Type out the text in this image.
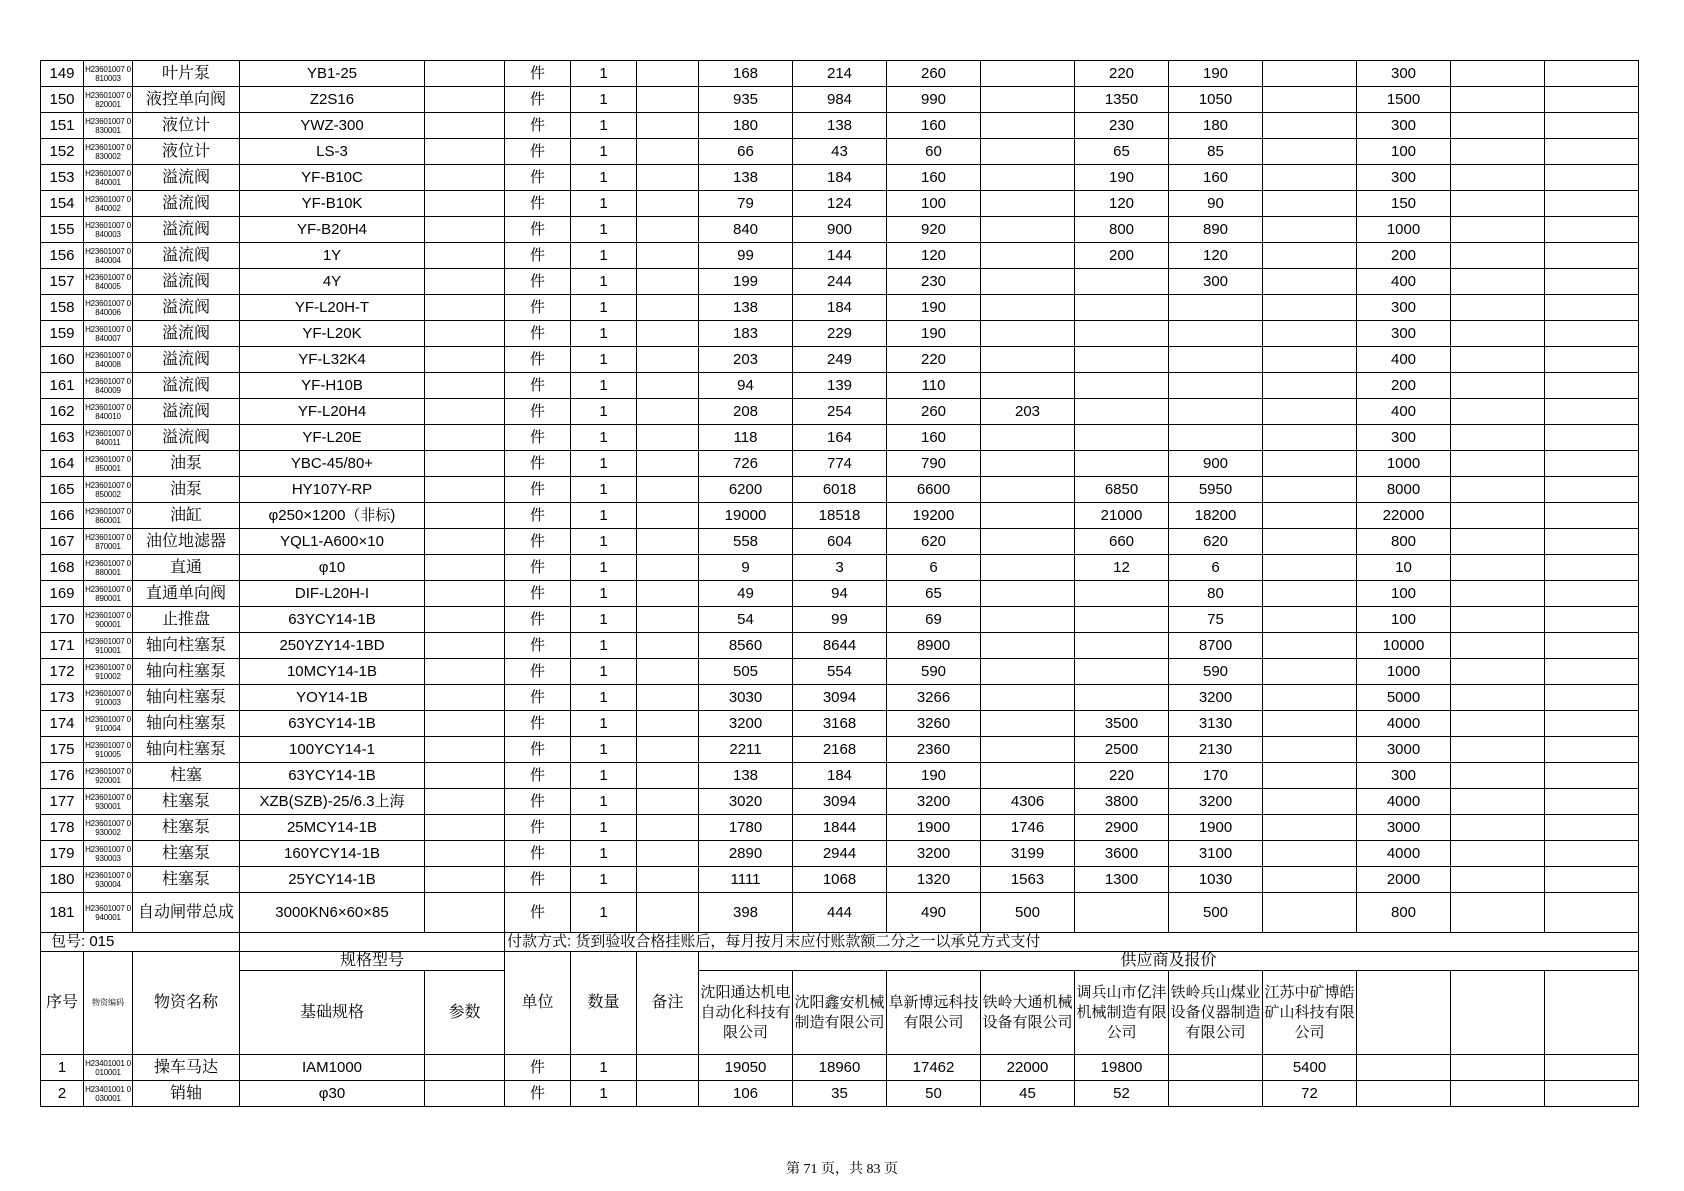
149	H23601007 0810003	叶片泵	YB1-25		件	1		168	214	260		220	190		300		
150	H23601007 0820001	液控单向阀	Z2S16		件	1		935	984	990		1350	1050		1500		
151	H23601007 0830001	液位计	YWZ-300		件	1		180	138	160		230	180		300		
152	H23601007 0830002	液位计	LS-3		件	1		66	43	60		65	85		100		
153	H23601007 0840001	溢流阀	YF-B10C		件	1		138	184	160		190	160		300		
154	H23601007 0840002	溢流阀	YF-B10K		件	1		79	124	100		120	90		150		
155	H23601007 0840003	溢流阀	YF-B20H4		件	1		840	900	920		800	890		1000		
156	H23601007 0840004	溢流阀	1Y		件	1		99	144	120		200	120		200		
157	H23601007 0840005	溢流阀	4Y		件	1		199	244	230			300		400		
158	H23601007 0840006	溢流阀	YF-L20H-T		件	1		138	184	190					300		
159	H23601007 0840007	溢流阀	YF-L20K		件	1		183	229	190					300		
160	H23601007 0840008	溢流阀	YF-L32K4		件	1		203	249	220					400		
161	H23601007 0840009	溢流阀	YF-H10B		件	1		94	139	110					200		
162	H23601007 0840010	溢流阀	YF-L20H4		件	1		208	254	260	203				400		
163	H23601007 0840011	溢流阀	YF-L20E		件	1		118	164	160					300		
164	H23601007 0850001	油泵	YBC-45/80+		件	1		726	774	790			900		1000		
165	H23601007 0850002	油泵	HY107Y-RP		件	1		6200	6018	6600		6850	5950		8000		
166	H23601007 0860001	油缸	φ250×1200（非标)		件	1		19000	18518	19200		21000	18200		22000		
167	H23601007 0870001	油位地滤器	YQL1-A600×10		件	1		558	604	620		660	620		800		
168	H23601007 0880001	直通	φ10		件	1		9	3	6		12	6		10		
169	H23601007 0890001	直通单向阀	DIF-L20H-I		件	1		49	94	65			80		100		
170	H23601007 0900001	止推盘	63YCY14-1B		件	1		54	99	69			75		100		
171	H23601007 0910001	轴向柱塞泵	250YZY14-1BD		件	1		8560	8644	8900			8700		10000		
172	H23601007 0910002	轴向柱塞泵	10MCY14-1B		件	1		505	554	590			590		1000		
173	H23601007 0910003	轴向柱塞泵	YOY14-1B		件	1		3030	3094	3266			3200		5000		
174	H23601007 0910004	轴向柱塞泵	63YCY14-1B		件	1		3200	3168	3260		3500	3130		4000		
175	H23601007 0910005	轴向柱塞泵	100YCY14-1		件	1		2211	2168	2360		2500	2130		3000		
176	H23601007 0920001	柱塞	63YCY14-1B		件	1		138	184	190		220	170		300		
177	H23601007 0930001	柱塞泵	XZB(SZB)-25/6.3上海		件	1		3020	3094	3200	4306	3800	3200		4000		
178	H23601007 0930002	柱塞泵	25MCY14-1B		件	1		1780	1844	1900	1746	2900	1900		3000		
179	H23601007 0930003	柱塞泵	160YCY14-1B		件	1		2890	2944	3200	3199	3600	3100		4000		
180	H23601007 0930004	柱塞泵	25YCY14-1B		件	1		1111	1068	1320	1563	1300	1030		2000		
181	H23601007 0940001	自动闸带总成	3000KN6×60×85		件	1		398	444	490	500		500		800		
包号: 015					付款方式: 货到验收合格挂账后，每月按月末应付账款额二分之一以承兑方式支付												
序号	物资编码	物资名称	规格型号		单位	数量	备注	供应商及报价									
			基础规格	参数				沈阳通达机电自动化科技有限公司	沈阳鑫安机械制造有限公司	阜新博远科技有限公司	铁岭大通机械设备有限公司	调兵山市亿沣机械制造有限公司	铁岭兵山煤业设备仪器制造有限公司	江苏中矿博皓矿山科技有限公司			
1	H23401001 0010001	操车马达	IAM1000		件	1		19050	18960	17462	22000	19800		5400			
2	H23401001 0030001	销轴	φ30		件	1		106	35	50	45	52		72			
第 71 页，共 83 页
